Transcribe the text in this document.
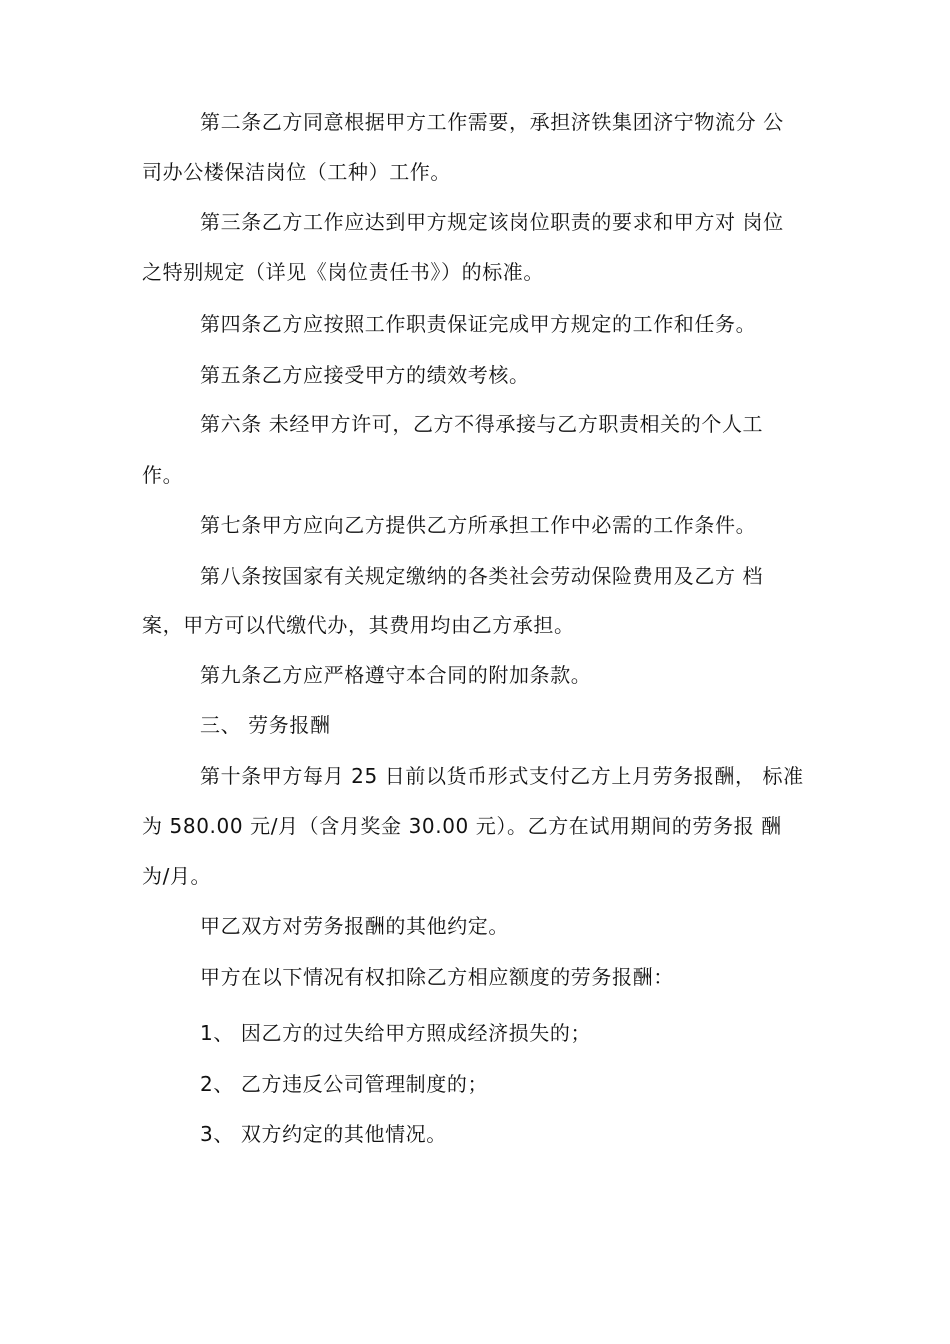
第二条乙方同意根据甲方工作需要，承担济铁集团济宁物流分 公
司办公楼保洁岗位（工种）工作。
第三条乙方工作应达到甲方规定该岗位职责的要求和甲方对 岗位
之特别规定（详见《岗位责任书》）的标准。
第四条乙方应按照工作职责保证完成甲方规定的工作和任务。
第五条乙方应接受甲方的绩效考核。
第六条 未经甲方许可，乙方不得承接与乙方职责相关的个人工
作。
第七条甲方应向乙方提供乙方所承担工作中必需的工作条件。
第八条按国家有关规定缴纳的各类社会劳动保险费用及乙方 档
案，甲方可以代缴代办，其费用均由乙方承担。
第九条乙方应严格遵守本合同的附加条款。
三、 劳务报酬
第十条甲方每月 25 日前以货币形式支付乙方上月劳务报酬， 标准
为 580.00 元/月（含月奖金 30.00 元）。乙方在试用期间的劳务报 酬
为/月。
甲乙双方对劳务报酬的其他约定。
甲方在以下情况有权扣除乙方相应额度的劳务报酬：
1、 因乙方的过失给甲方照成经济损失的；
2、 乙方违反公司管理制度的；
3、 双方约定的其他情况。
